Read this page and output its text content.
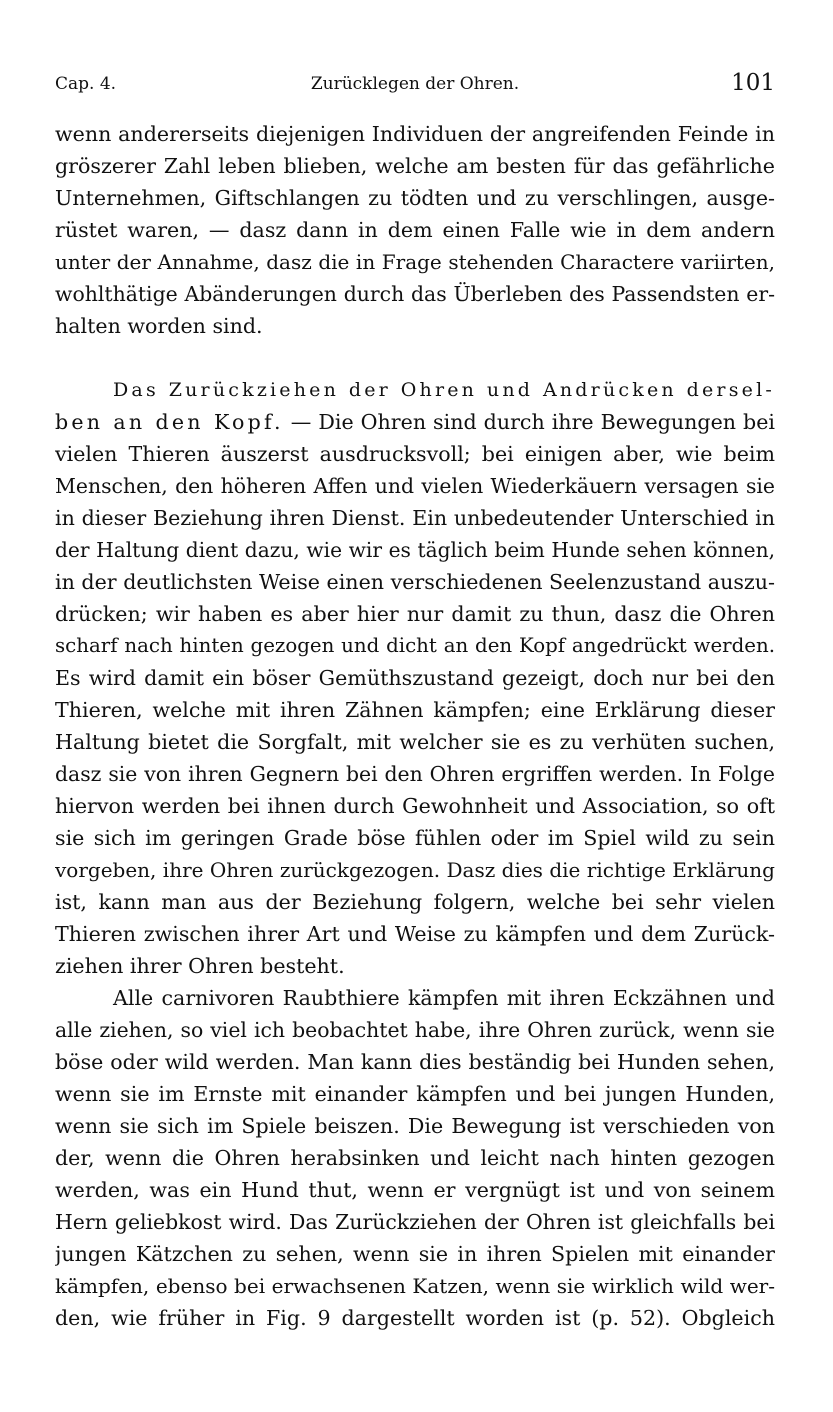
Cap. 4.	Zurücklegen der Ohren.	101
wenn andererseits diejenigen Individuen der angreifenden Feinde in
gröszerer Zahl leben blieben, welche am besten für das gefährliche
Unternehmen, Giftschlangen zu tödten und zu verschlingen, ausge-
rüstet waren, — dasz dann in dem einen Falle wie in dem andern
unter der Annahme, dasz die in Frage stehenden Charactere variirten,
wohlthätige Abänderungen durch das Überleben des Passendsten er-
halten worden sind.
Das Zurückziehen der Ohren und Andrücken dersel-
ben an den Kopf. — Die Ohren sind durch ihre Bewegungen bei
vielen Thieren äuszerst ausdrucksvoll; bei einigen aber, wie beim
Menschen, den höheren Affen und vielen Wiederkäuern versagen sie
in dieser Beziehung ihren Dienst. Ein unbedeutender Unterschied in
der Haltung dient dazu, wie wir es täglich beim Hunde sehen können,
in der deutlichsten Weise einen verschiedenen Seelenzustand auszu-
drücken; wir haben es aber hier nur damit zu thun, dasz die Ohren
scharf nach hinten gezogen und dicht an den Kopf angedrückt werden.
Es wird damit ein böser Gemüthszustand gezeigt, doch nur bei den
Thieren, welche mit ihren Zähnen kämpfen; eine Erklärung dieser
Haltung bietet die Sorgfalt, mit welcher sie es zu verhüten suchen,
dasz sie von ihren Gegnern bei den Ohren ergriffen werden. In Folge
hiervon werden bei ihnen durch Gewohnheit und Association, so oft
sie sich im geringen Grade böse fühlen oder im Spiel wild zu sein
vorgeben, ihre Ohren zurückgezogen. Dasz dies die richtige Erklärung
ist, kann man aus der Beziehung folgern, welche bei sehr vielen
Thieren zwischen ihrer Art und Weise zu kämpfen und dem Zurück-
ziehen ihrer Ohren besteht.
Alle carnivoren Raubthiere kämpfen mit ihren Eckzähnen und
alle ziehen, so viel ich beobachtet habe, ihre Ohren zurück, wenn sie
böse oder wild werden. Man kann dies beständig bei Hunden sehen,
wenn sie im Ernste mit einander kämpfen und bei jungen Hunden,
wenn sie sich im Spiele beiszen. Die Bewegung ist verschieden von
der, wenn die Ohren herabsinken und leicht nach hinten gezogen
werden, was ein Hund thut, wenn er vergnügt ist und von seinem
Hern geliebkost wird. Das Zurückziehen der Ohren ist gleichfalls bei
jungen Kätzchen zu sehen, wenn sie in ihren Spielen mit einander
kämpfen, ebenso bei erwachsenen Katzen, wenn sie wirklich wild wer-
den, wie früher in Fig. 9 dargestellt worden ist (p. 52). Obgleich
